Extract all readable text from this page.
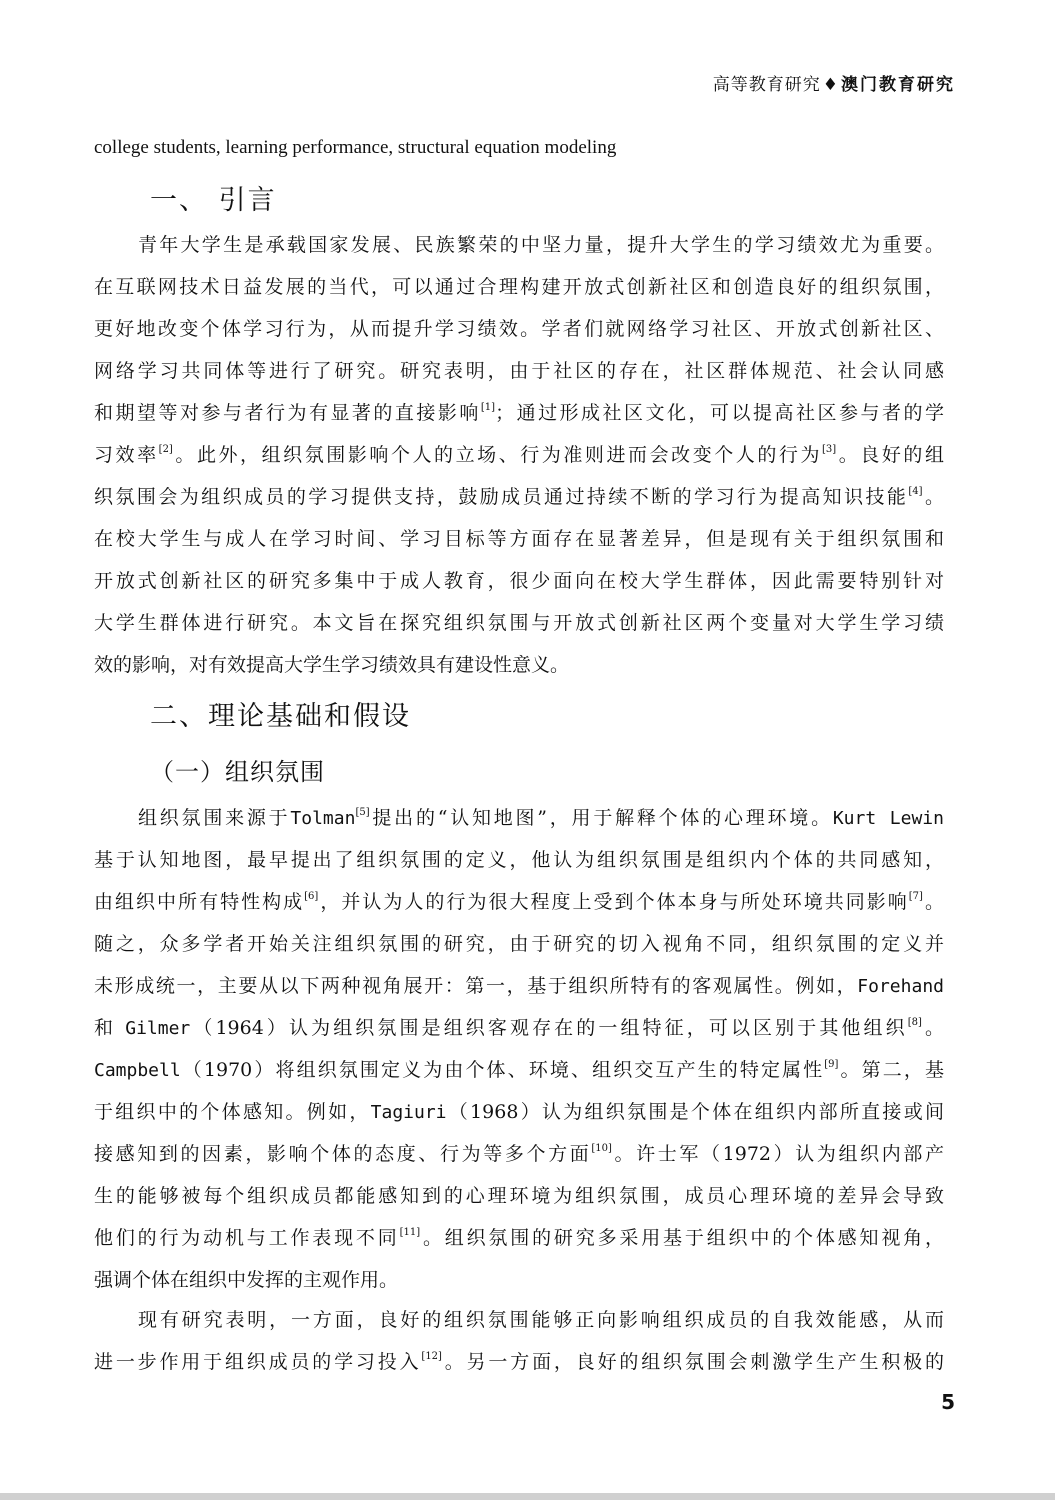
高等教育研究 ♦ 澳门教育研究
college students, learning performance, structural equation modeling
一、 引言
青年大学生是承载国家发展、民族繁荣的中坚力量，提升大学生的学习绩效尤为重要。
在互联网技术日益发展的当代，可以通过合理构建开放式创新社区和创造良好的组织氛围，
更好地改变个体学习行为，从而提升学习绩效。学者们就网络学习社区、开放式创新社区、
网络学习共同体等进行了研究。研究表明，由于社区的存在，社区群体规范、社会认同感
和期望等对参与者行为有显著的直接影响[1]；通过形成社区文化，可以提高社区参与者的学
习效率[2]。此外，组织氛围影响个人的立场、行为准则进而会改变个人的行为[3]。良好的组
织氛围会为组织成员的学习提供支持，鼓励成员通过持续不断的学习行为提高知识技能[4]。
在校大学生与成人在学习时间、学习目标等方面存在显著差异，但是现有关于组织氛围和
开放式创新社区的研究多集中于成人教育，很少面向在校大学生群体，因此需要特别针对
大学生群体进行研究。本文旨在探究组织氛围与开放式创新社区两个变量对大学生学习绩
效的影响，对有效提高大学生学习绩效具有建设性意义。
二、理论基础和假设
（一）组织氛围
组织氛围来源于Tolman[5]提出的“认知地图”，用于解释个体的心理环境。Kurt Lewin
基于认知地图，最早提出了组织氛围的定义，他认为组织氛围是组织内个体的共同感知，
由组织中所有特性构成[6]，并认为人的行为很大程度上受到个体本身与所处环境共同影响[7]。
随之，众多学者开始关注组织氛围的研究，由于研究的切入视角不同，组织氛围的定义并
未形成统一，主要从以下两种视角展开：第一，基于组织所特有的客观属性。例如，Forehand
和 Gilmer（1964）认为组织氛围是组织客观存在的一组特征，可以区别于其他组织[8]。
Campbell（1970）将组织氛围定义为由个体、环境、组织交互产生的特定属性[9]。第二，基
于组织中的个体感知。例如，Tagiuri（1968）认为组织氛围是个体在组织内部所直接或间
接感知到的因素，影响个体的态度、行为等多个方面[10]。许士军（1972）认为组织内部产
生的能够被每个组织成员都能感知到的心理环境为组织氛围，成员心理环境的差异会导致
他们的行为动机与工作表现不同[11]。组织氛围的研究多采用基于组织中的个体感知视角，
强调个体在组织中发挥的主观作用。
现有研究表明，一方面，良好的组织氛围能够正向影响组织成员的自我效能感，从而
进一步作用于组织成员的学习投入[12]。另一方面，良好的组织氛围会刺激学生产生积极的
5
